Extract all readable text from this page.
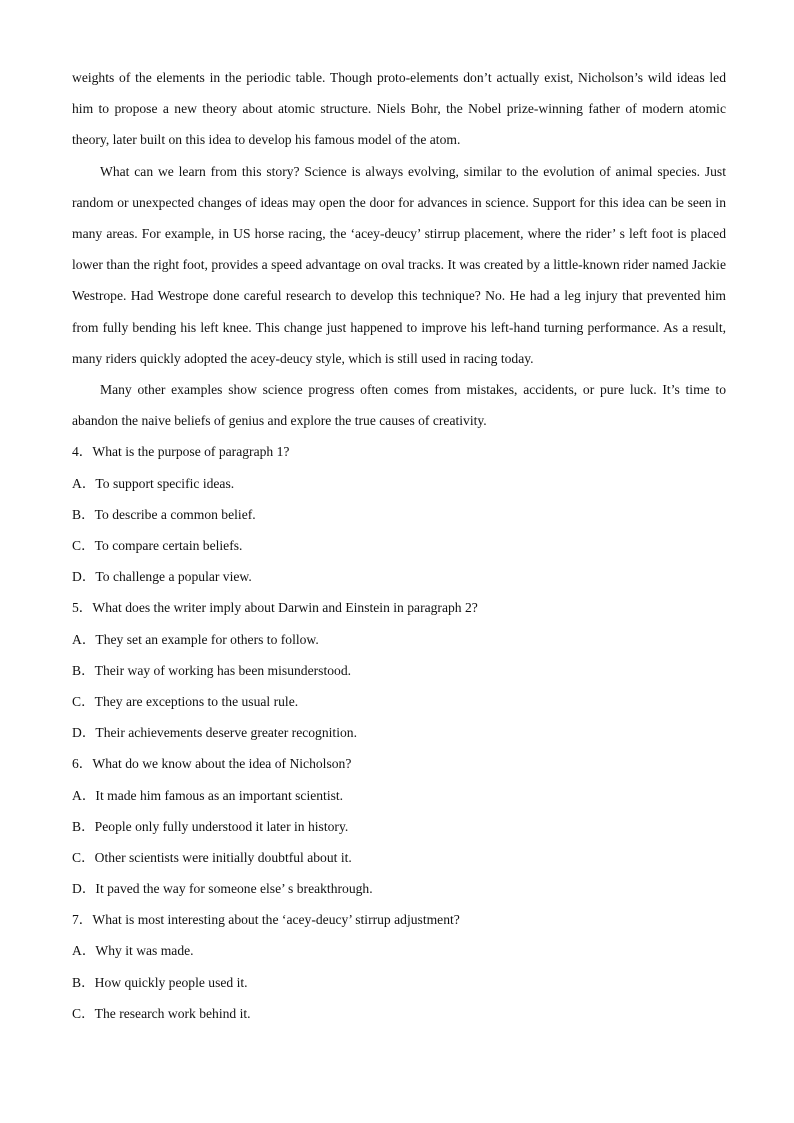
weights of the elements in the periodic table. Though proto-elements don’t actually exist, Nicholson’s wild ideas led him to propose a new theory about atomic structure. Niels Bohr, the Nobel prize-winning father of modern atomic theory, later built on this idea to develop his famous model of the atom.

What can we learn from this story? Science is always evolving, similar to the evolution of animal species. Just random or unexpected changes of ideas may open the door for advances in science. Support for this idea can be seen in many areas. For example, in US horse racing, the ‘acey-deucy’ stirrup placement, where the rider’ s left foot is placed lower than the right foot, provides a speed advantage on oval tracks. It was created by a little-known rider named Jackie Westrope. Had Westrope done careful research to develop this technique? No. He had a leg injury that prevented him from fully bending his left knee. This change just happened to improve his left-hand turning performance. As a result, many riders quickly adopted the acey-deucy style, which is still used in racing today.

Many other examples show science progress often comes from mistakes, accidents, or pure luck. It’s time to abandon the naive beliefs of genius and explore the true causes of creativity.

4．What is the purpose of paragraph 1?

A．To support specific ideas.

B．To describe a common belief.

C．To compare certain beliefs.

D．To challenge a popular view.

5．What does the writer imply about Darwin and Einstein in paragraph 2?

A．They set an example for others to follow.

B．Their way of working has been misunderstood.

C．They are exceptions to the usual rule.

D．Their achievements deserve greater recognition.

6．What do we know about the idea of Nicholson?

A．It made him famous as an important scientist.

B．People only fully understood it later in history.

C．Other scientists were initially doubtful about it.

D．It paved the way for someone else’ s breakthrough.

7．What is most interesting about the ‘acey-deucy’ stirrup adjustment?

A．Why it was made.

B．How quickly people used it.

C．The research work behind it.
